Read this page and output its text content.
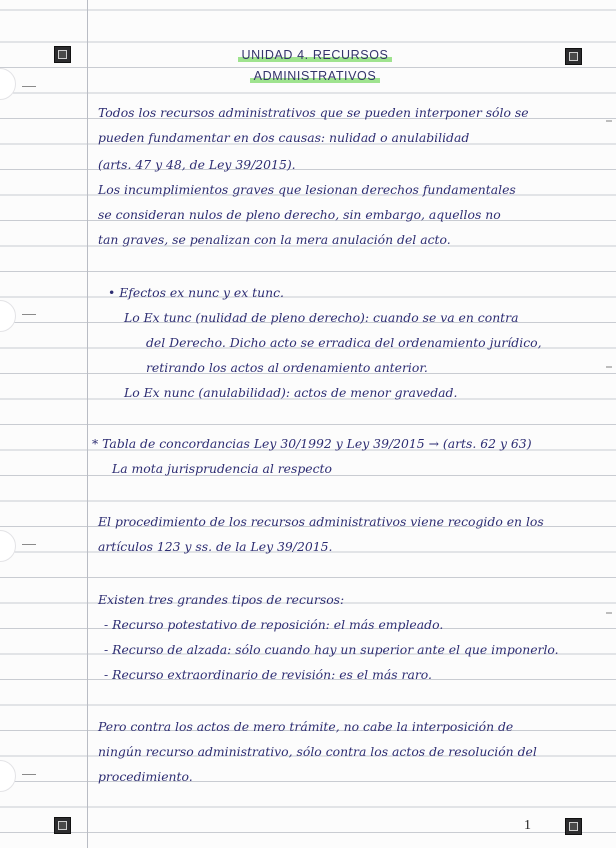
UNIDAD 4. RECURSOS
ADMINISTRATIVOS
Todos los recursos administrativos que se pueden interponer sólo se
pueden fundamentar en dos causas: nulidad o anulabilidad
(arts. 47 y 48, de Ley 39/2015).
Los incumplimientos graves que lesionan derechos fundamentales
se consideran nulos de pleno derecho, sin embargo, aquellos no
tan graves, se penalizan con la mera anulación del acto.
• Efectos ex nunc y ex tunc.
Lo Ex tunc (nulidad de pleno derecho): cuando se va en contra
del Derecho. Dicho acto se erradica del ordenamiento jurídico,
retirando los actos al ordenamiento anterior.
Lo Ex nunc (anulabilidad): actos de menor gravedad.
* Tabla de concordancias Ley 30/1992 y Ley 39/2015 → (arts. 62 y 63)
La mota jurisprudencia al respecto
El procedimiento de los recursos administrativos viene recogido en los
artículos 123 y ss. de la Ley 39/2015.
Existen tres grandes tipos de recursos:
- Recurso potestativo de reposición: el más empleado.
- Recurso de alzada: sólo cuando hay un superior ante el que imponerlo.
- Recurso extraordinario de revisión: es el más raro.
Pero contra los actos de mero trámite, no cabe la interposición de
ningún recurso administrativo, sólo contra los actos de resolución del
procedimiento.
1
